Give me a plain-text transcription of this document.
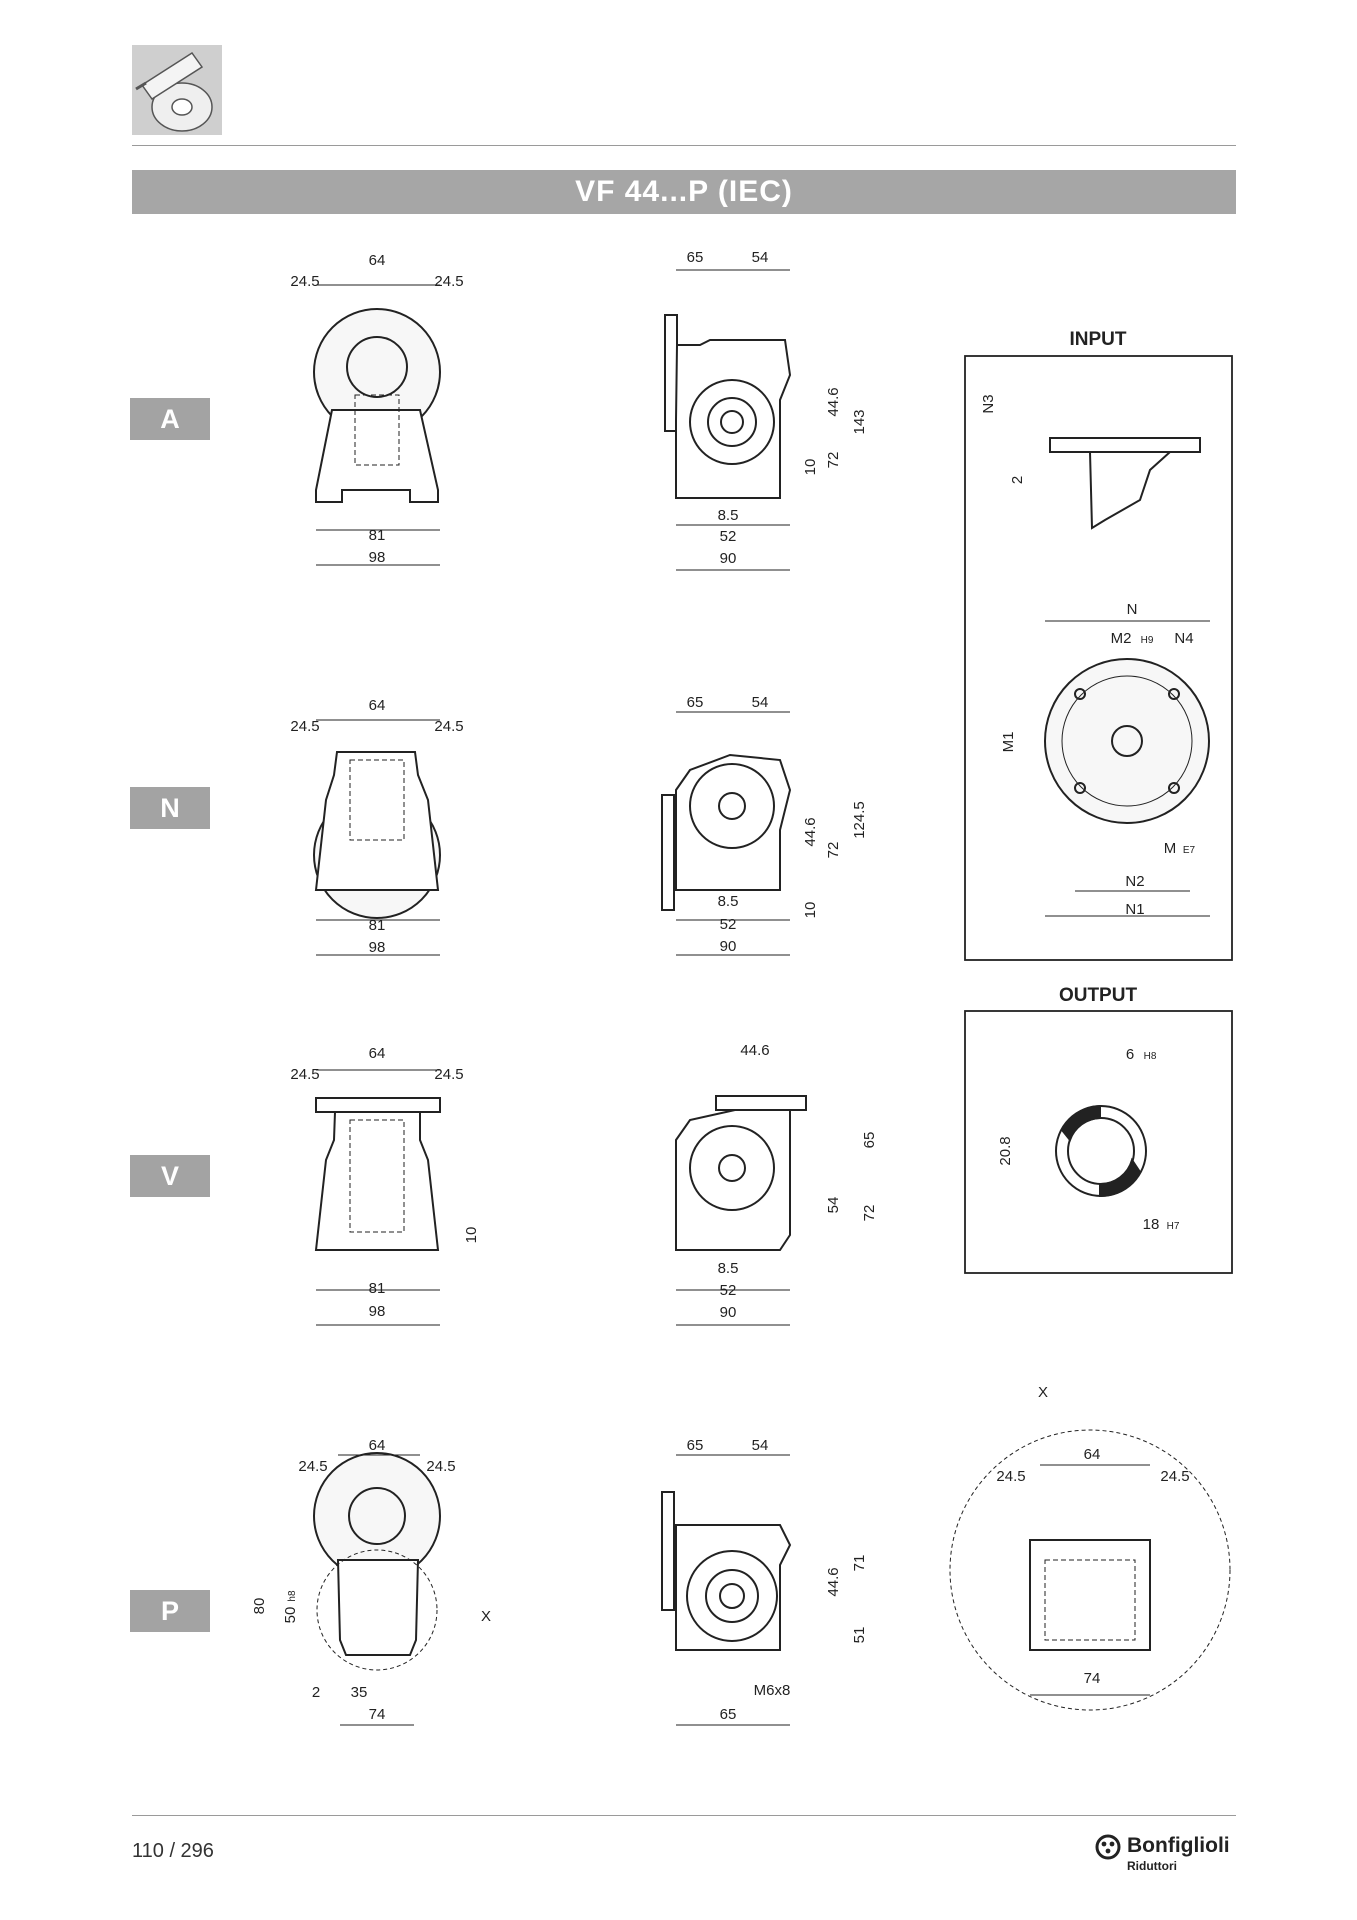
VF 44...P (IEC)
A
N
V
P
64
24.5	24.5
81
98
65	54
44.6
143
10 72
8.5
52
90
64
24.5	24.5
81
98
65	54
44.6
72
124.5
10
8.5
52
90
64
24.5	24.5
10
81
98
44.6
65
54 72
8.5
52
90
64
24.5	24.5
80
50
h8
X
2 35
74
65	54
44.6
71
51
M6x8
65
INPUT
OUTPUT
N3
2
N
M2 H9 N4
M1
M E7
N2
N1
6 H8
20.8
18 H7
X
64
24.5	24.5
74
110 / 296	Bonfiglioli
Riduttori
